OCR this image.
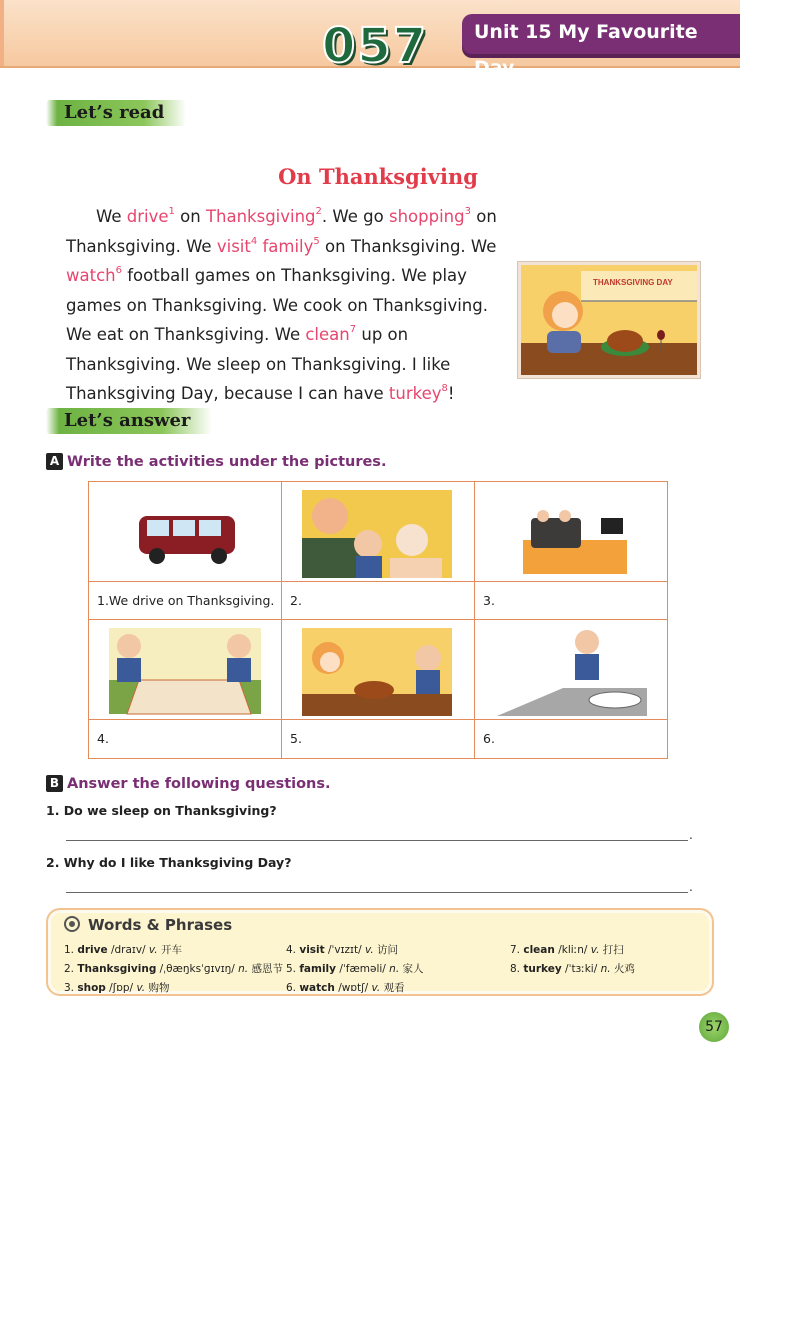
057	Unit 15 My Favourite Day
Let’s read
On Thanksgiving
We drive$^1$ on Thanksgiving$^2$. We go shopping$^3$ on Thanksgiving. We visit$^4$ family$^5$ on Thanksgiving. We watch$^6$ football games on Thanksgiving. We play games on Thanksgiving. We cook on Thanksgiving. We eat on Thanksgiving. We clean$^7$ up on Thanksgiving. We sleep on Thanksgiving. I like Thanksgiving Day, because I can have turkey$^8$!
THANKSGIVING DAY
Let’s answer
A Write the activities under the pictures.
1.We drive on Thanksgiving.	2.	3.
4.	5.	6.
B Answer the following questions.
1. Do we sleep on Thanksgiving?
.
2. Why do I like Thanksgiving Day?
.
Words & Phrases
1. drive /draɪv/ v. 开车
2. Thanksgiving /ˌθæŋksˈɡɪvɪŋ/ n. 感恩节
3. shop /ʃɒp/ v. 购物
4. visit /ˈvɪzɪt/ v. 访问
5. family /ˈfæməli/ n. 家人
6. watch /wɒtʃ/ v. 观看
7. clean /kliːn/ v. 打扫
8. turkey /ˈtɜːki/ n. 火鸡
57
